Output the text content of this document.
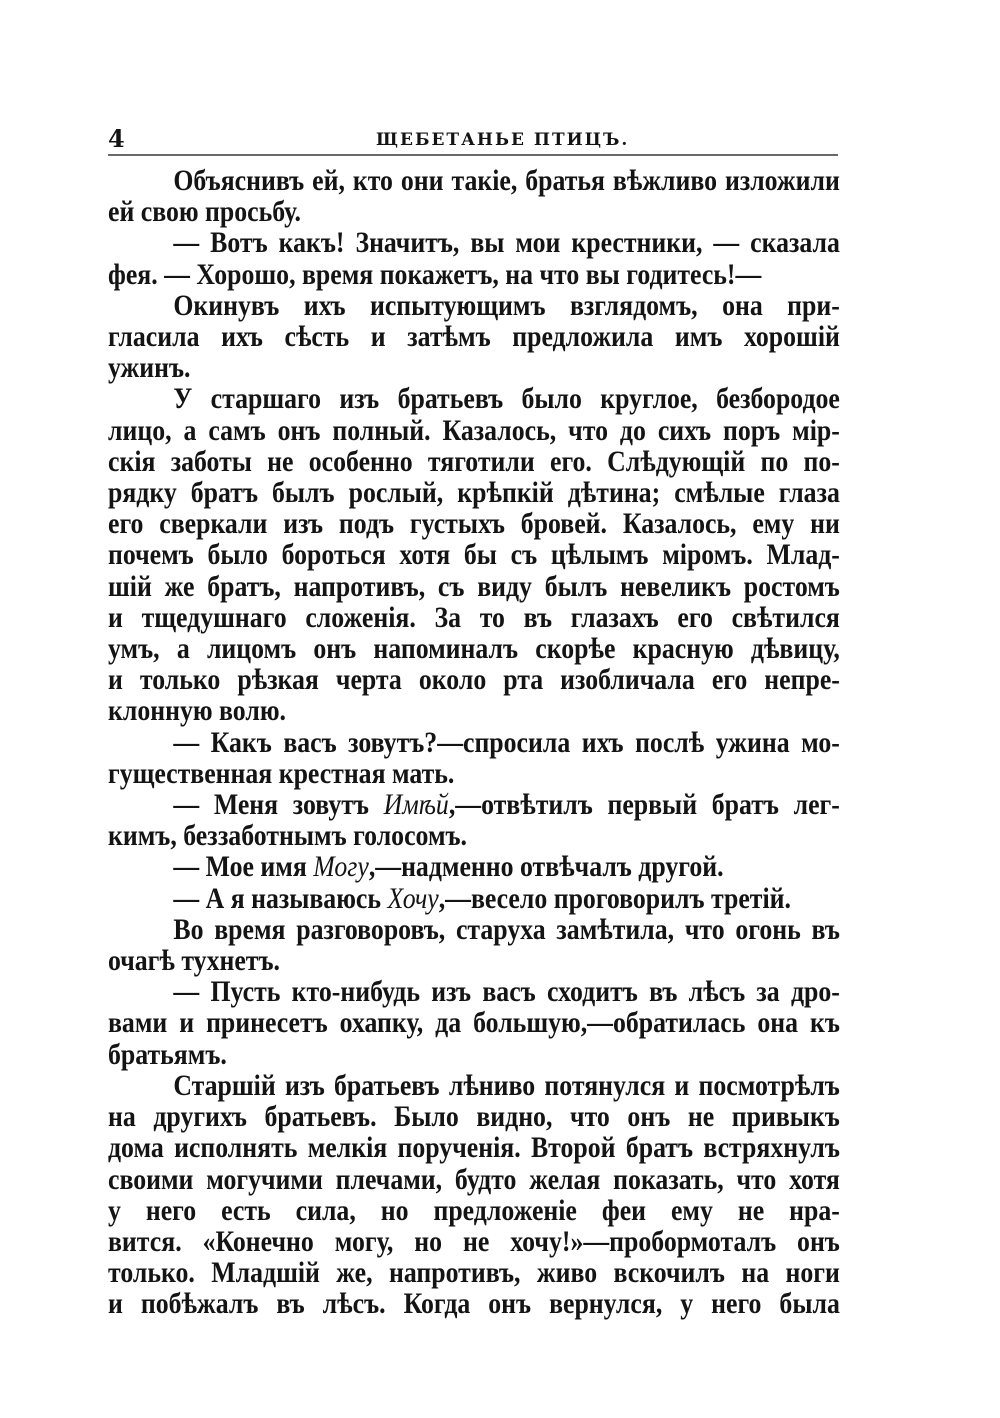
4	ЩЕБЕТАНЬЕ ПТИЦЪ.
Объяснивъ ей, кто они такіе, братья вѣжливо изложили
ей свою просьбу.
— Вотъ какъ! Значитъ, вы мои крестники, — сказала
фея. — Хорошо, время покажетъ, на что вы годитесь!—
Окинувъ ихъ испытующимъ взглядомъ, она при-
гласила ихъ сѣсть и затѣмъ предложила имъ хорошій
ужинъ.
У старшаго изъ братьевъ было круглое, безбородое
лицо, а самъ онъ полный. Казалось, что до сихъ поръ мір-
скія заботы не особенно тяготили его. Слѣдующій по по-
рядку братъ былъ рослый, крѣпкій дѣтина; смѣлые глаза
его сверкали изъ подъ густыхъ бровей. Казалось, ему ни
почемъ было бороться хотя бы съ цѣлымъ міромъ. Млад-
шій же братъ, напротивъ, съ виду былъ невеликъ ростомъ
и тщедушнаго сложенія. За то въ глазахъ его свѣтился
умъ, а лицомъ онъ напоминалъ скорѣе красную дѣвицу,
и только рѣзкая черта около рта изобличала его непре-
клонную волю.
— Какъ васъ зовутъ?—спросила ихъ послѣ ужина мо-
гущественная крестная мать.
— Меня зовутъ Имѣй,—отвѣтилъ первый братъ лег-
кимъ, беззаботнымъ голосомъ.
— Мое имя Могу,—надменно отвѣчалъ другой.
— А я называюсь Хочу,—весело проговорилъ третій.
Во время разговоровъ, старуха замѣтила, что огонь въ
очагѣ тухнетъ.
— Пусть кто-нибудь изъ васъ сходитъ въ лѣсъ за дро-
вами и принесетъ охапку, да большую,—обратилась она къ
братьямъ.
Старшій изъ братьевъ лѣниво потянулся и посмотрѣлъ
на другихъ братьевъ. Было видно, что онъ не привыкъ
дома исполнять мелкія порученія. Второй братъ встряхнулъ
своими могучими плечами, будто желая показать, что хотя
у него есть сила, но предложеніе феи ему не нра-
вится. «Конечно могу, но не хочу!»—пробормоталъ онъ
только. Младшій же, напротивъ, живо вскочилъ на ноги
и побѣжалъ въ лѣсъ. Когда онъ вернулся, у него была
